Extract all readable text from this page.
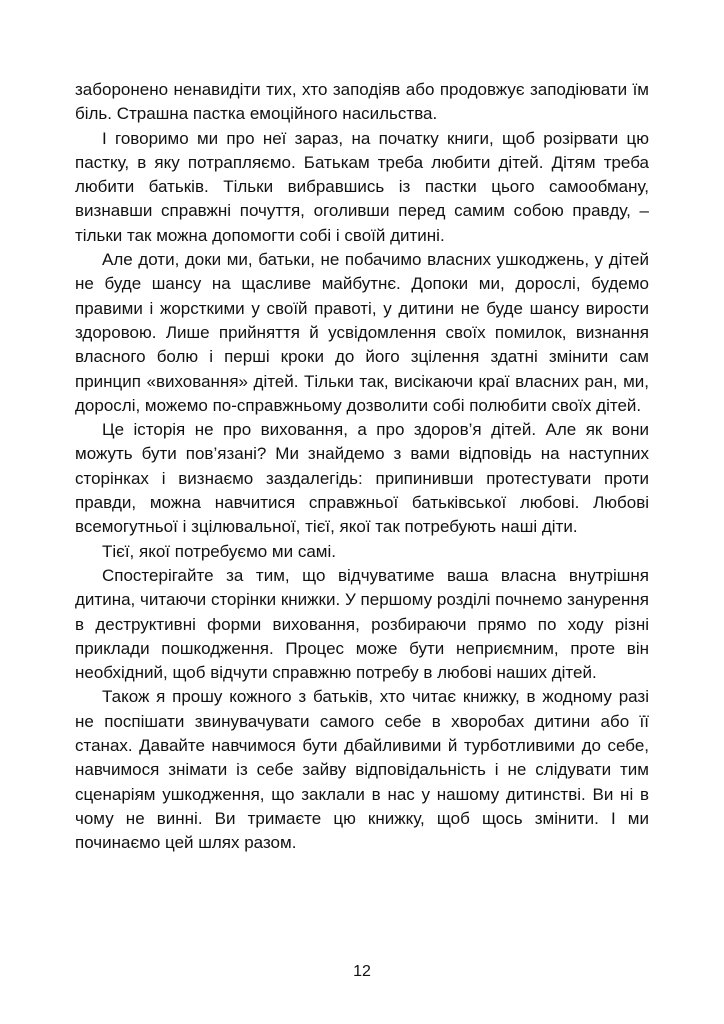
заборонено ненавидіти тих, хто заподіяв або продовжує заподіювати їм біль. Страшна пастка емоційного насильства.

І говоримо ми про неї зараз, на початку книги, щоб розірвати цю пастку, в яку потрапляємо. Батькам треба любити дітей. Дітям треба любити батьків. Тільки вибравшись із пастки цього самообману, визнавши справжні почуття, оголивши перед самим собою правду, – тільки так можна допомогти собі і своїй дитині.

Але доти, доки ми, батьки, не побачимо власних ушкоджень, у дітей не буде шансу на щасливе майбутнє. Допоки ми, дорослі, будемо правими і жорсткими у своїй правоті, у дитини не буде шансу вирости здоровою. Лише прийняття й усвідомлення своїх помилок, визнання власного болю і перші кроки до його зцілення здатні змінити сам принцип «виховання» дітей. Тільки так, висікаючи краї власних ран, ми, дорослі, можемо по-справжньому дозволити собі полюбити своїх дітей.

Це історія не про виховання, а про здоров’я дітей. Але як вони можуть бути пов’язані? Ми знайдемо з вами відповідь на наступних сторінках і визнаємо заздалегідь: припинивши протестувати проти правди, можна навчитися справжньої батьківської любові. Любові всемогутньої і зцілювальної, тієї, якої так потребують наші діти.

Тієї, якої потребуємо ми самі.

Спостерігайте за тим, що відчуватиме ваша власна внутрішня дитина, читаючи сторінки книжки. У першому розділі почнемо занурення в деструктивні форми виховання, розбираючи прямо по ходу різні приклади пошкодження. Процес може бути неприємним, проте він необхідний, щоб відчути справжню потребу в любові наших дітей.

Також я прошу кожного з батьків, хто читає книжку, в жодному разі не поспішати звинувачувати самого себе в хворобах дитини або її станах. Давайте навчимося бути дбайливими й турботливими до себе, навчимося знімати із себе зайву відповідальність і не слідувати тим сценаріям ушкодження, що заклали в нас у нашому дитинстві. Ви ні в чому не винні. Ви тримаєте цю книжку, щоб щось змінити. І ми починаємо цей шлях разом.

12
